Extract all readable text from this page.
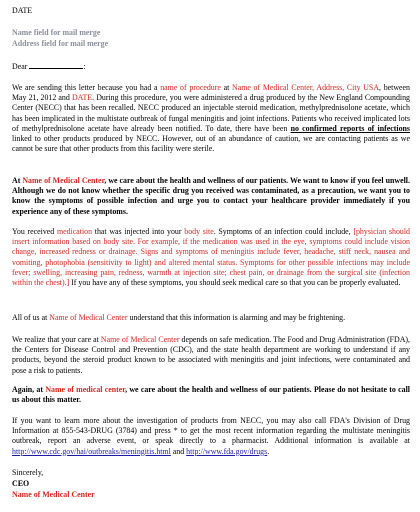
DATE
Name field for mail merge
Address field for mail merge
Dear	:
We are sending this letter because you had a name of procedure at Name of Medical Center, Address, City USA, between May 21, 2012 and DATE. During this procedure, you were administered a drug produced by the New England Compounding Center (NECC) that has been recalled. NECC produced an injectable steroid medication, methylprednisolone acetate, which has been implicated in the multistate outbreak of fungal meningitis and joint infections. Patients who received implicated lots of methylprednisolone acetate have already been notified. To date, there have been no confirmed reports of infections linked to other products produced by NECC. However, out of an abundance of caution, we are contacting patients as we cannot be sure that other products from this facility were sterile.
At Name of Medical Center, we care about the health and wellness of our patients. We want to know if you feel unwell. Although we do not know whether the specific drug you received was contaminated, as a precaution, we want you to know the symptoms of possible infection and urge you to contact your healthcare provider immediately if you experience any of these symptoms.
You received medication that was injected into your body site. Symptoms of an infection could include, [physician should insert information based on body site. For example, if the medication was used in the eye, symptoms could include vision change, increased redness or drainage. Signs and symptoms of meningitis include fever, headache, stiff neck, nausea and vomiting, photophobia (sensitivity to light) and altered mental status. Symptoms for other possible infections may include fever; swelling, increasing pain, redness, warmth at injection site; chest pain, or drainage from the surgical site (infection within the chest).] If you have any of these symptoms, you should seek medical care so that you can be properly evaluated.
All of us at Name of Medical Center understand that this information is alarming and may be frightening.
We realize that your care at Name of Medical Center depends on safe medication. The Food and Drug Administration (FDA), the Centers for Disease Control and Prevention (CDC), and the state health department are working to understand if any products, beyond the steroid product known to be associated with meningitis and joint infections, were contaminated and pose a risk to patients.
Again, at Name of medical center, we care about the health and wellness of our patients. Please do not hesitate to call us about this matter.
If you want to learn more about the investigation of products from NECC, you may also call FDA's Division of Drug Information at 855-543-DRUG (3784) and press * to get the most recent information regarding the multistate meningitis outbreak, report an adverse event, or speak directly to a pharmacist. Additional information is available at http://www.cdc.gov/hai/outbreaks/meningitis.html and http://www.fda.gov/drugs.
Sincerely,
CEO
Name of Medical Center
